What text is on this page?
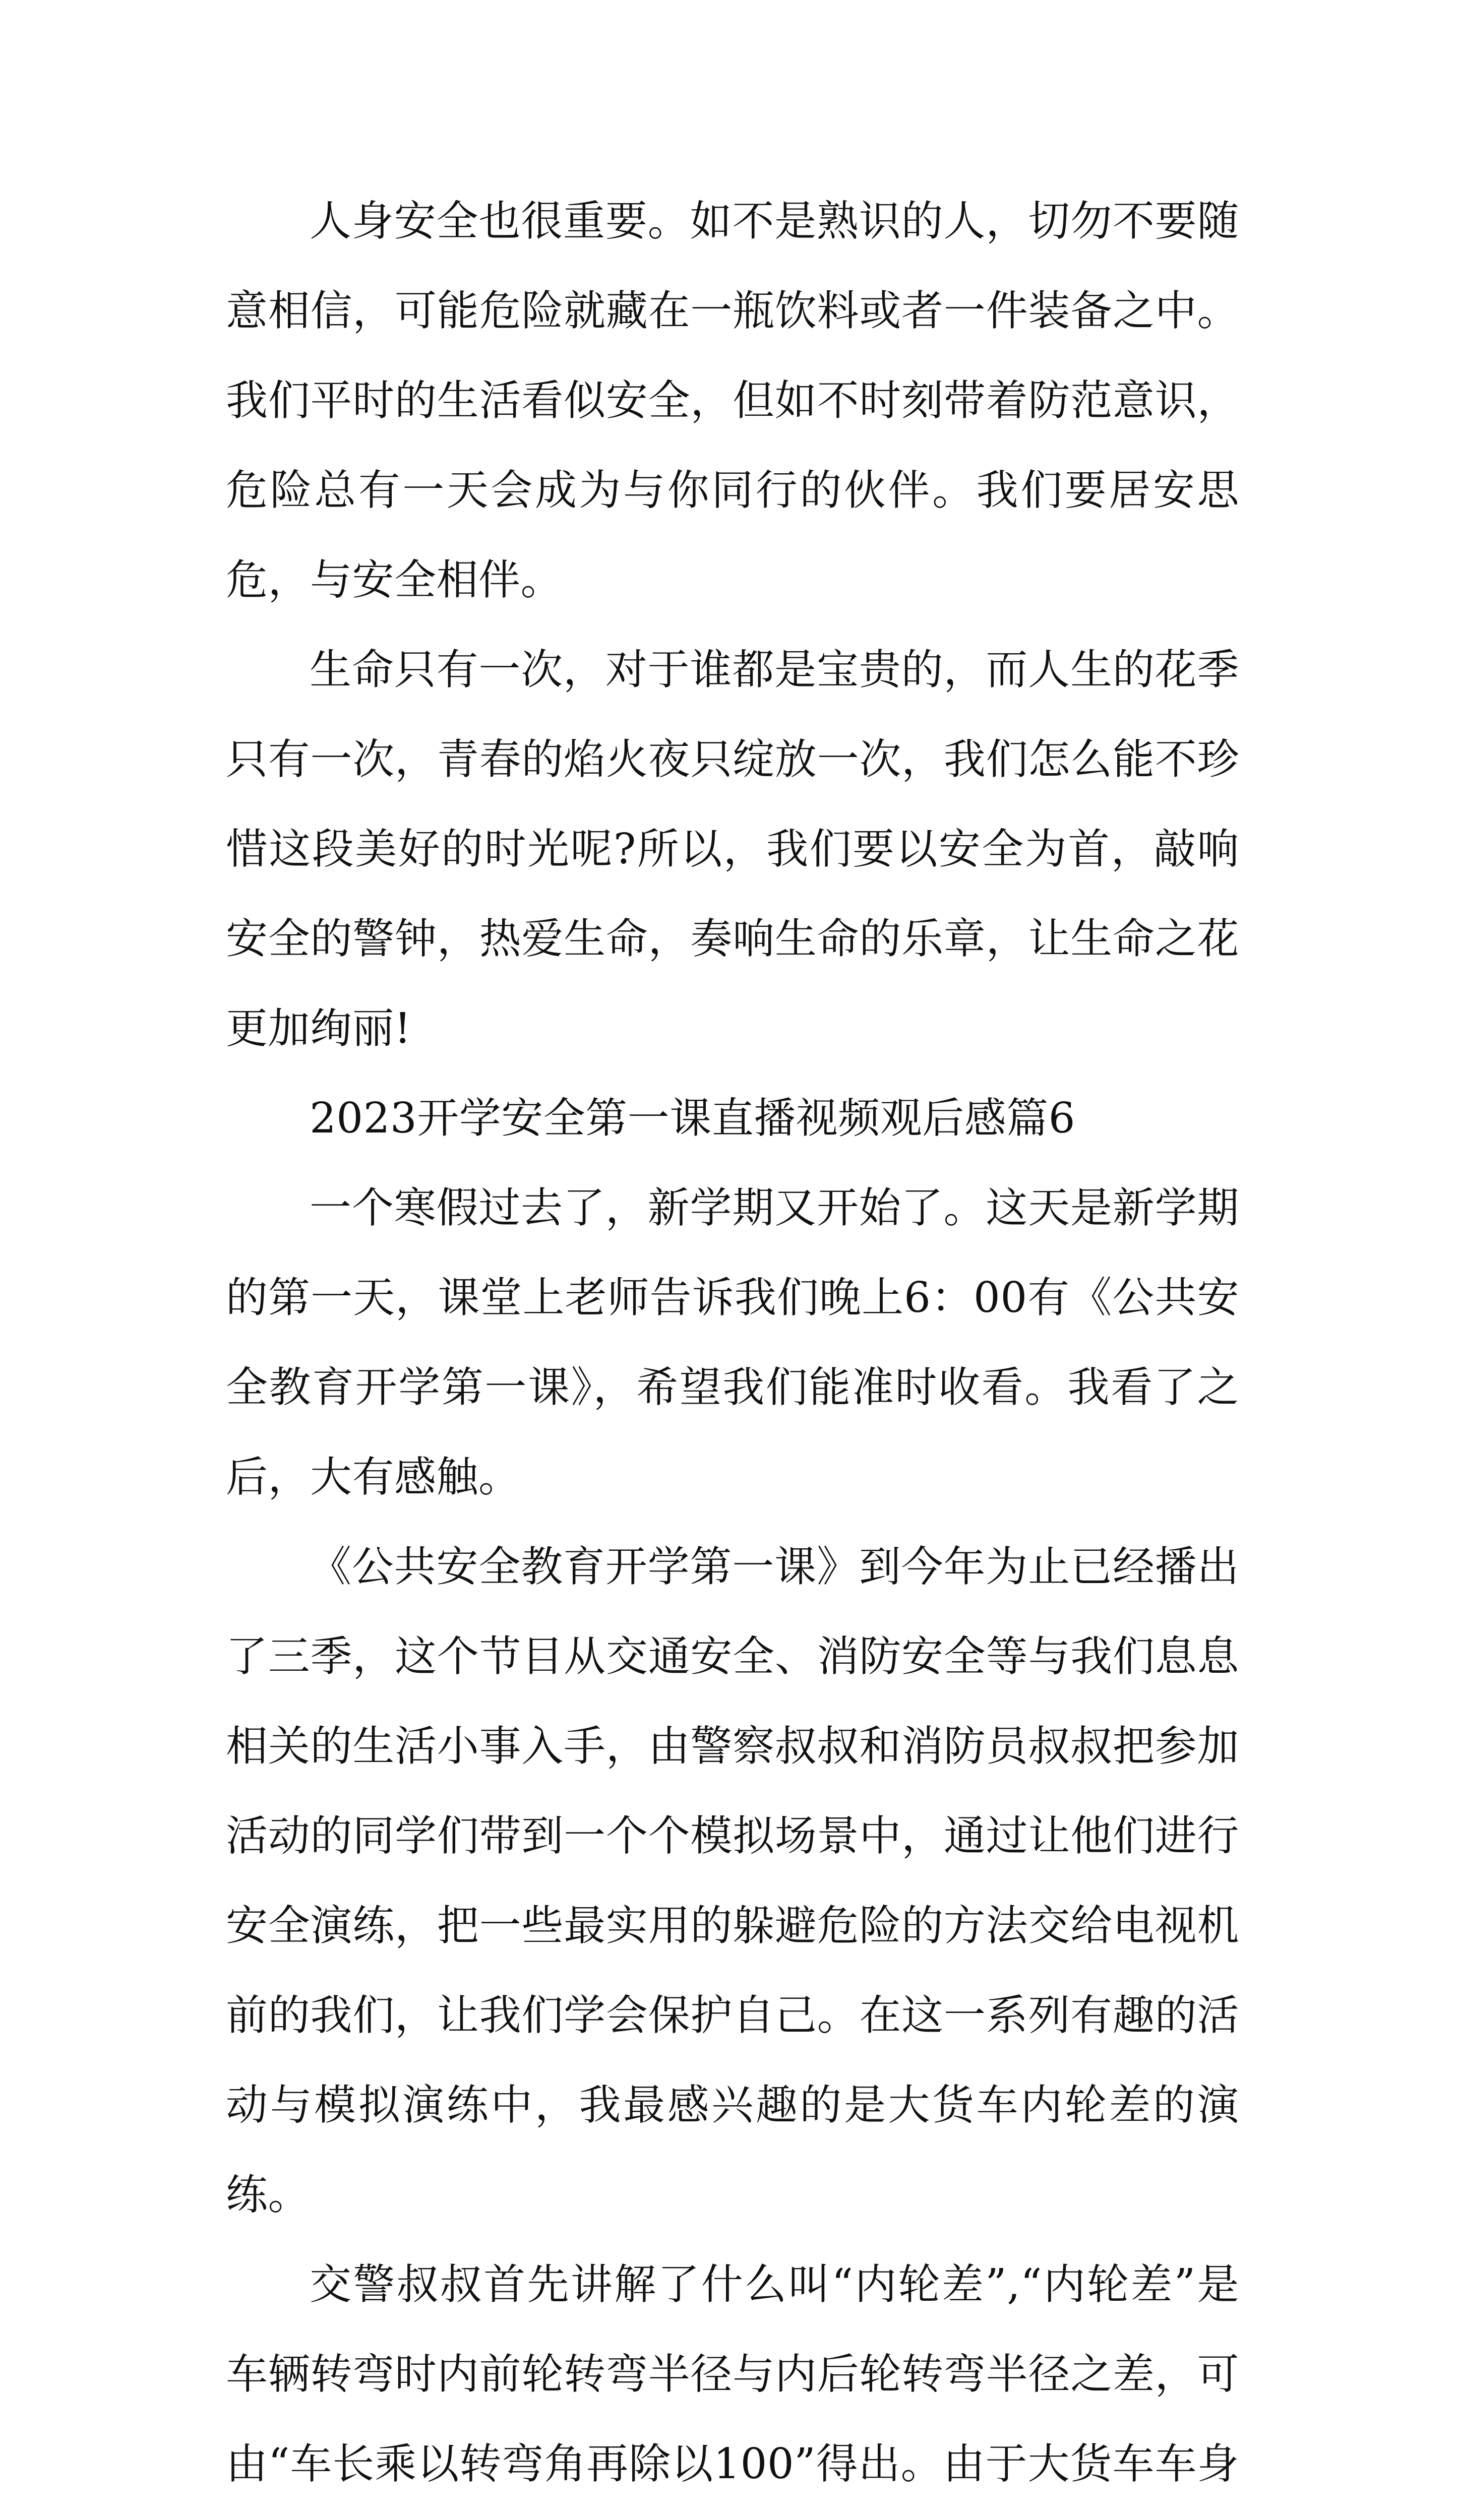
人身安全也很重要。如不是熟识的人，切勿不要随意相信，可能危险就藏在一瓶饮料或者一件装备之中。我们平时的生活看似安全，但如不时刻带着防范意识，危险总有一天会成为与你同行的伙伴。我们要居安思危，与安全相伴。

生命只有一次，对于谁都是宝贵的，而人生的花季只有一次，青春的焰火夜只绽放一次，我们怎么能不珍惜这段美好的时光呢?所以，我们要以安全为首，敲响安全的警钟，热爱生命，奏响生命的乐章，让生命之花更加绚丽!

2023开学安全第一课直播视频观后感篇6

一个寒假过去了，新学期又开始了。这天是新学期的第一天，课堂上老师告诉我们晚上6：00有《公共安全教育开学第一课》，希望我们能准时收看。我看了之后，大有感触。

《公共安全教育开学第一课》到今年为止已经播出了三季，这个节目从交通安全、消防安全等与我们息息相关的生活小事入手，由警察叔叔和消防员叔叔把参加活动的同学们带到一个个模拟场景中，通过让他们进行安全演练，把一些最实用的躲避危险的方法交给电视机前的我们，让我们学会保护自己。在这一系列有趣的活动与模拟演练中，我最感兴趣的是大货车内轮差的演练。

交警叔叔首先讲解了什么叫“内轮差”,“内轮差”是车辆转弯时内前轮转弯半径与内后轮转弯半径之差，可由“车长乘以转弯角再除以100”得出。由于大货车车身
